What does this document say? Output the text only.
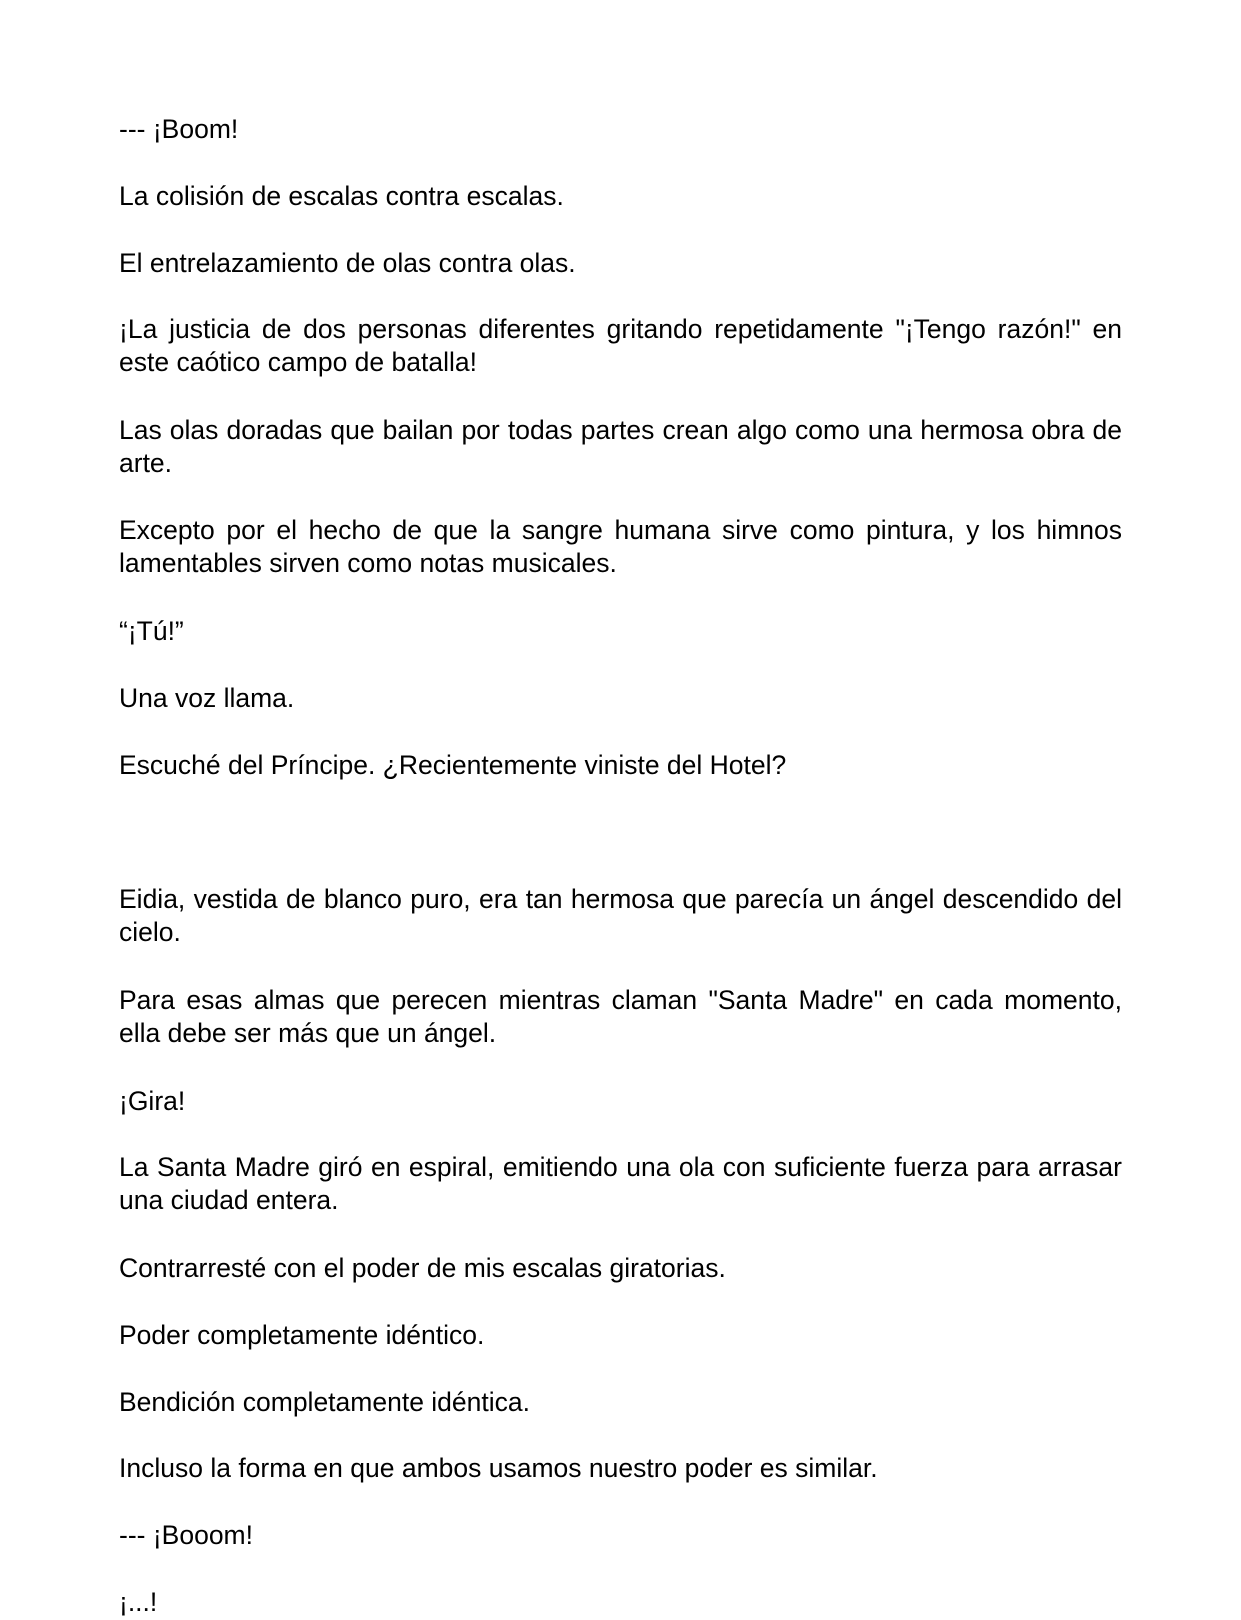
--- ¡Boom!

La colisión de escalas contra escalas.

El entrelazamiento de olas contra olas.

¡La justicia de dos personas diferentes gritando repetidamente "¡Tengo razón!" en este caótico campo de batalla!

Las olas doradas que bailan por todas partes crean algo como una hermosa obra de arte.

Excepto por el hecho de que la sangre humana sirve como pintura, y los himnos lamentables sirven como notas musicales.

“¡Tú!”

Una voz llama.

Escuché del Príncipe. ¿Recientemente viniste del Hotel?

Eidia, vestida de blanco puro, era tan hermosa que parecía un ángel descendido del cielo.

Para esas almas que perecen mientras claman "Santa Madre" en cada momento, ella debe ser más que un ángel.

¡Gira!

La Santa Madre giró en espiral, emitiendo una ola con suficiente fuerza para arrasar una ciudad entera.

Contrarresté con el poder de mis escalas giratorias.

Poder completamente idéntico.

Bendición completamente idéntica.

Incluso la forma en que ambos usamos nuestro poder es similar.

--- ¡Booom!

¡...!
